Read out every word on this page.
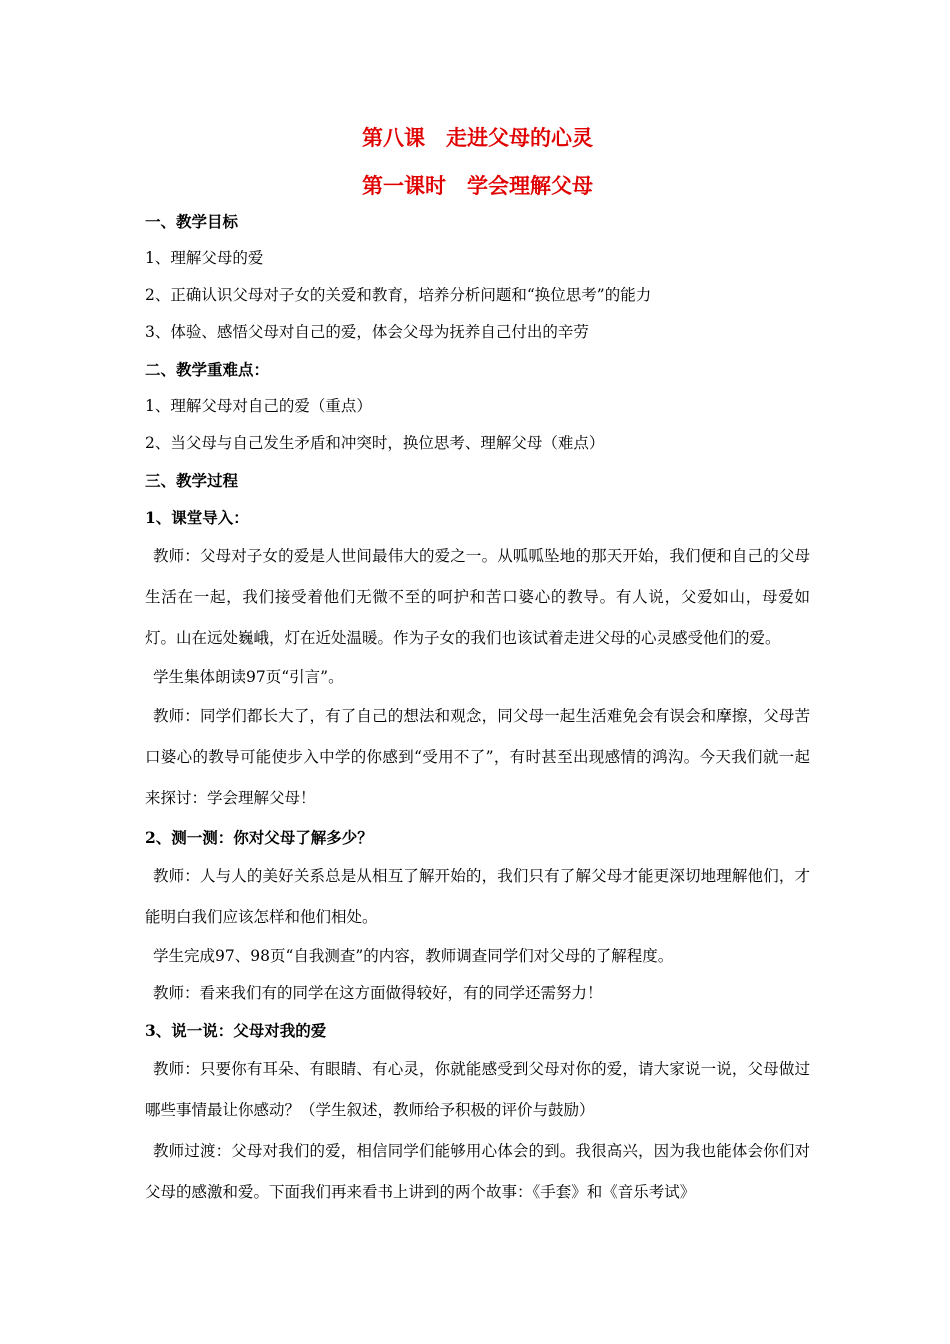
第八课　走进父母的心灵
第一课时　学会理解父母

一、教学目标

1、理解父母的爱

2、正确认识父母对子女的关爱和教育，培养分析问题和“换位思考”的能力

3、体验、感悟父母对自己的爱，体会父母为抚养自己付出的辛劳

二、教学重难点：

1、理解父母对自己的爱（重点）

2、当父母与自己发生矛盾和冲突时，换位思考、理解父母（难点）

三、教学过程

1、课堂导入：

教师：父母对子女的爱是人世间最伟大的爱之一。从呱呱坠地的那天开始，我们便和自己的父母生活在一起，我们接受着他们无微不至的呵护和苦口婆心的教导。有人说，父爱如山，母爱如灯。山在远处巍峨，灯在近处温暖。作为子女的我们也该试着走进父母的心灵感受他们的爱。

学生集体朗读97页“引言”。

教师：同学们都长大了，有了自己的想法和观念，同父母一起生活难免会有误会和摩擦，父母苦口婆心的教导可能使步入中学的你感到“受用不了”，有时甚至出现感情的鸿沟。今天我们就一起来探讨：学会理解父母！

2、测一测：你对父母了解多少？

教师：人与人的美好关系总是从相互了解开始的，我们只有了解父母才能更深切地理解他们，才能明白我们应该怎样和他们相处。

学生完成97、98页“自我测查”的内容，教师调查同学们对父母的了解程度。

教师：看来我们有的同学在这方面做得较好，有的同学还需努力！

3、说一说：父母对我的爱

教师：只要你有耳朵、有眼睛、有心灵，你就能感受到父母对你的爱，请大家说一说，父母做过哪些事情最让你感动？（学生叙述，教师给予积极的评价与鼓励）

教师过渡：父母对我们的爱，相信同学们能够用心体会的到。我很高兴，因为我也能体会你们对父母的感激和爱。下面我们再来看书上讲到的两个故事：《手套》和《音乐考试》
